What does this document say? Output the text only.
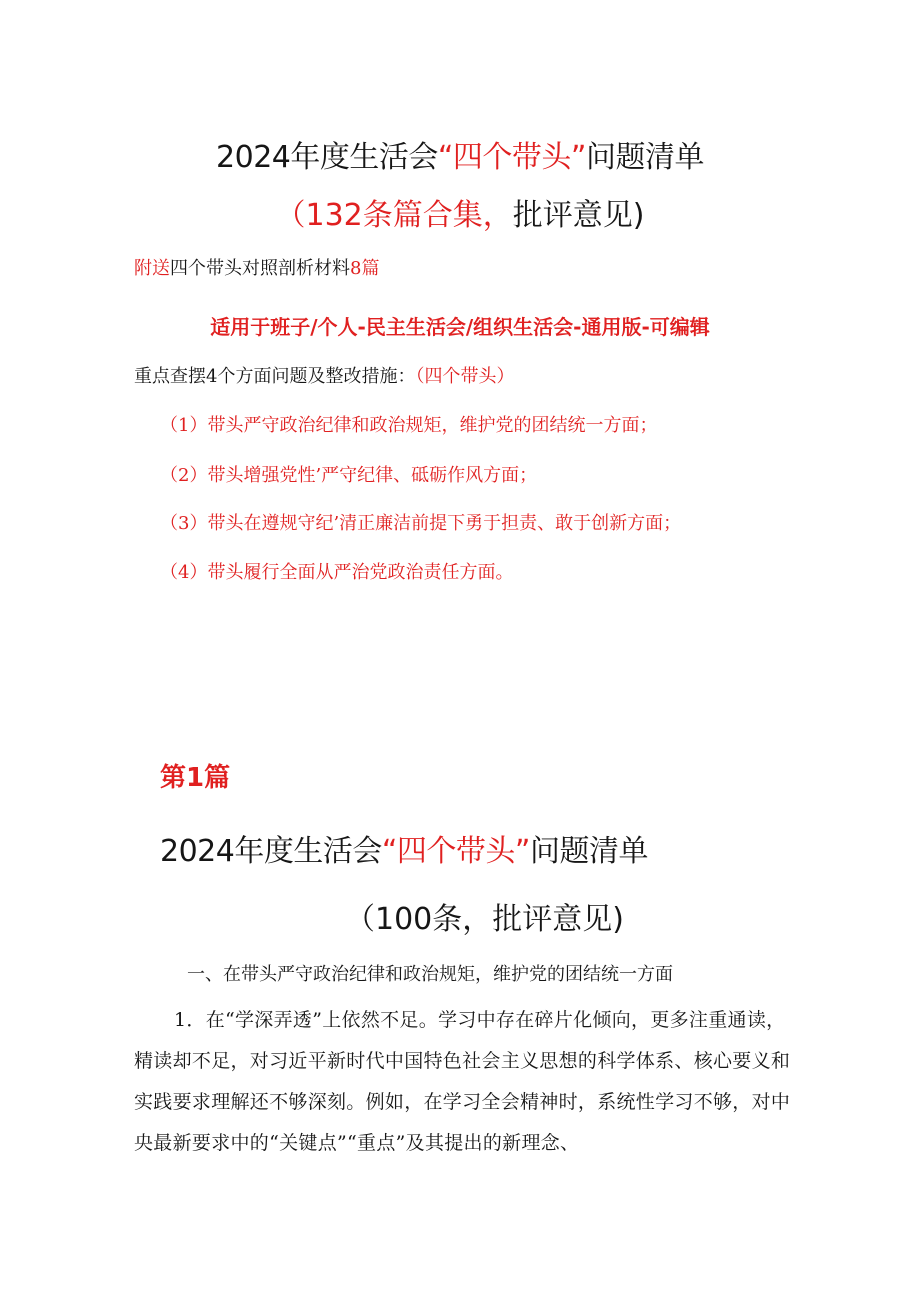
2024年度生活会“四个带头”问题清单
（132条篇合集，批评意见)
附送四个带头对照剖析材料8篇
适用于班子/个人-民主生活会/组织生活会-通用版-可编辑
重点查摆4个方面问题及整改措施：（四个带头）
（1）带头严守政治纪律和政治规矩，维护党的团结统一方面；
（2）带头增强党性’严守纪律、砥砺作风方面；
（3）带头在遵规守纪’清正廉洁前提下勇于担责、敢于创新方面；
（4）带头履行全面从严治党政治责任方面。
第1篇
2024年度生活会“四个带头”问题清单
（100条，批评意见)
一、在带头严守政治纪律和政治规矩，维护党的团结统一方面
1．在“学深弄透”上依然不足。学习中存在碎片化倾向，更多注重通读，精读却不足，对习近平新时代中国特色社会主义思想的科学体系、核心要义和实践要求理解还不够深刻。例如，在学习全会精神时，系统性学习不够，对中央最新要求中的“关键点”“重点”及其提出的新理念、
